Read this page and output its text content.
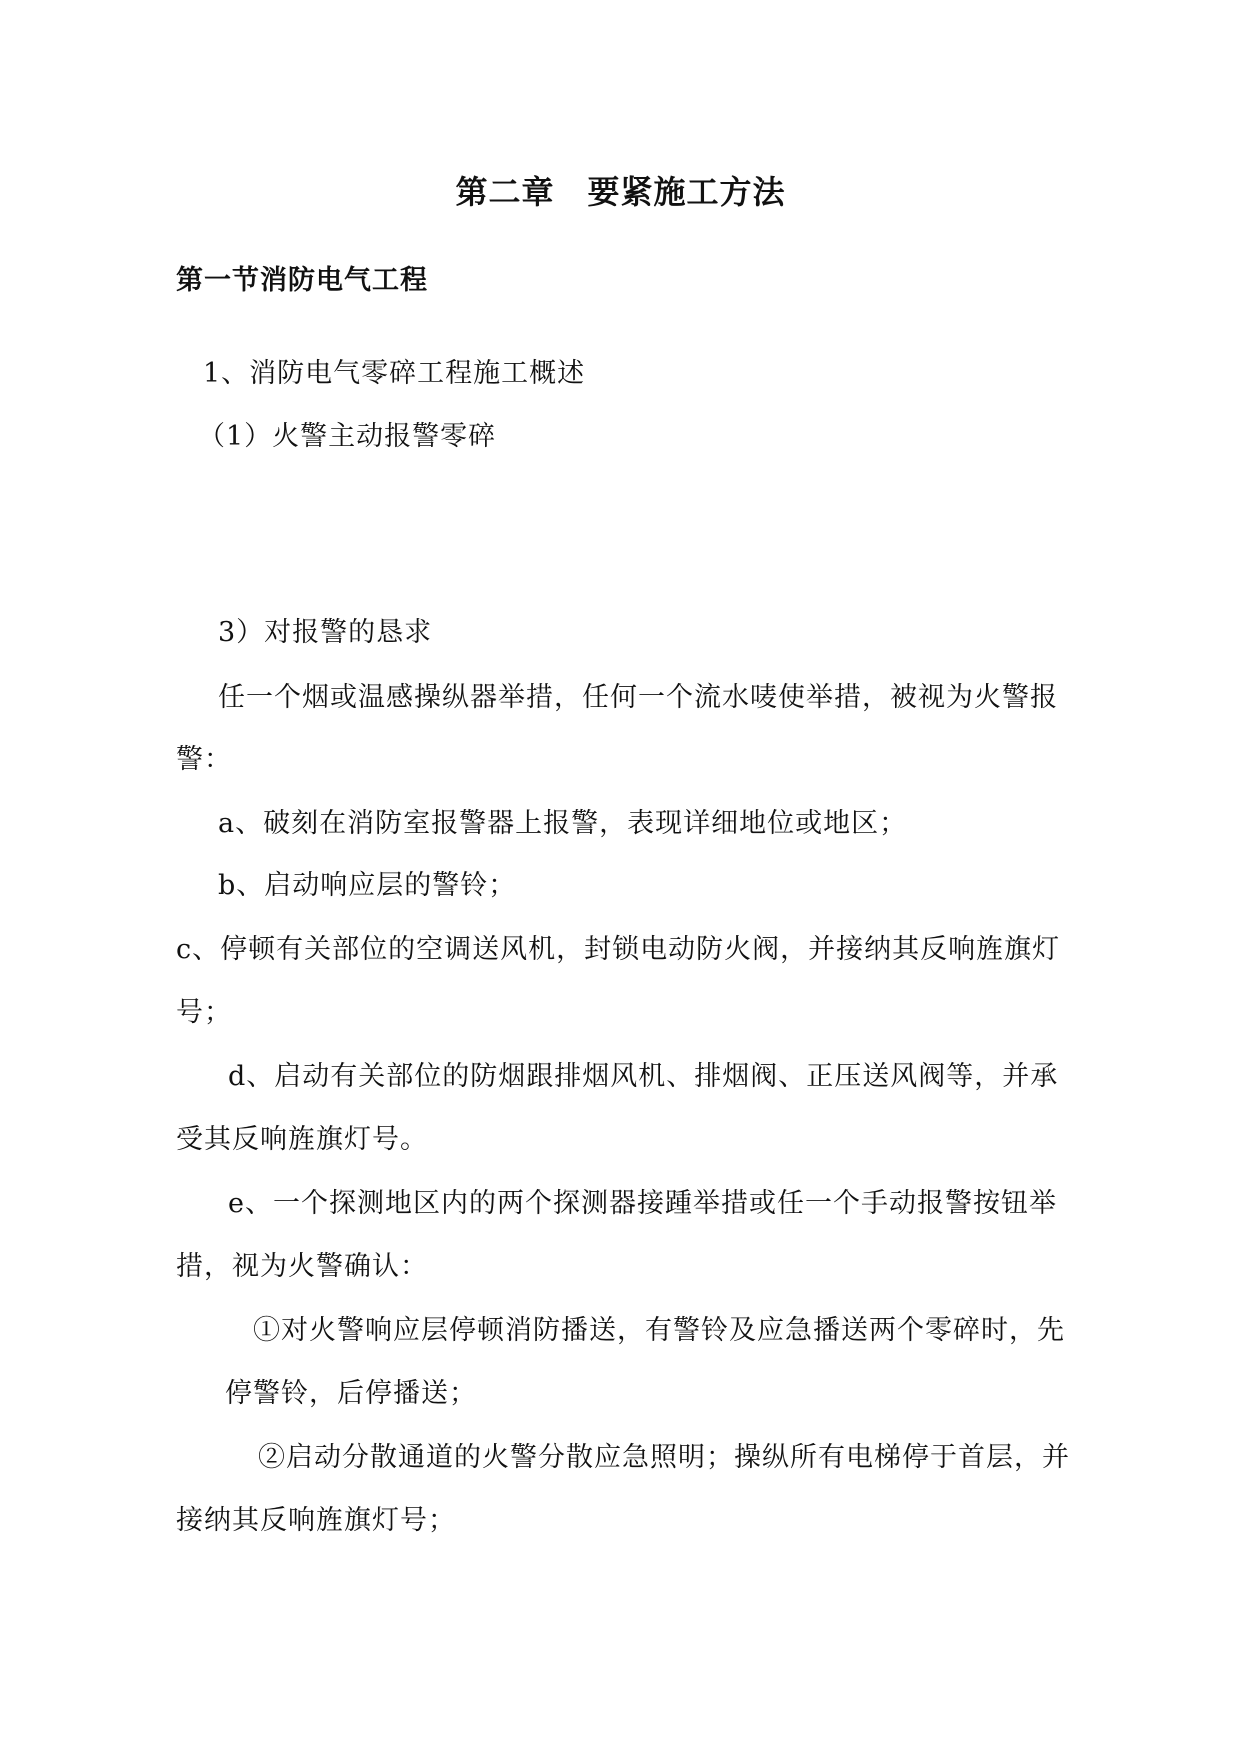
第二章　要紧施工方法
第一节消防电气工程
1、消防电气零碎工程施工概述
（1）火警主动报警零碎
3）对报警的恳求
任一个烟或温感操纵器举措，任何一个流水唛使举措，被视为火警报
警：
a、破刻在消防室报警器上报警，表现详细地位或地区；
b、启动响应层的警铃；
c、停顿有关部位的空调送风机，封锁电动防火阀，并接纳其反响旌旗灯
号；
d、启动有关部位的防烟跟排烟风机、排烟阀、正压送风阀等，并承
受其反响旌旗灯号。
e、一个探测地区内的两个探测器接踵举措或任一个手动报警按钮举
措，视为火警确认：
①对火警响应层停顿消防播送，有警铃及应急播送两个零碎时，先
停警铃，后停播送；
②启动分散通道的火警分散应急照明；操纵所有电梯停于首层，并
接纳其反响旌旗灯号；
